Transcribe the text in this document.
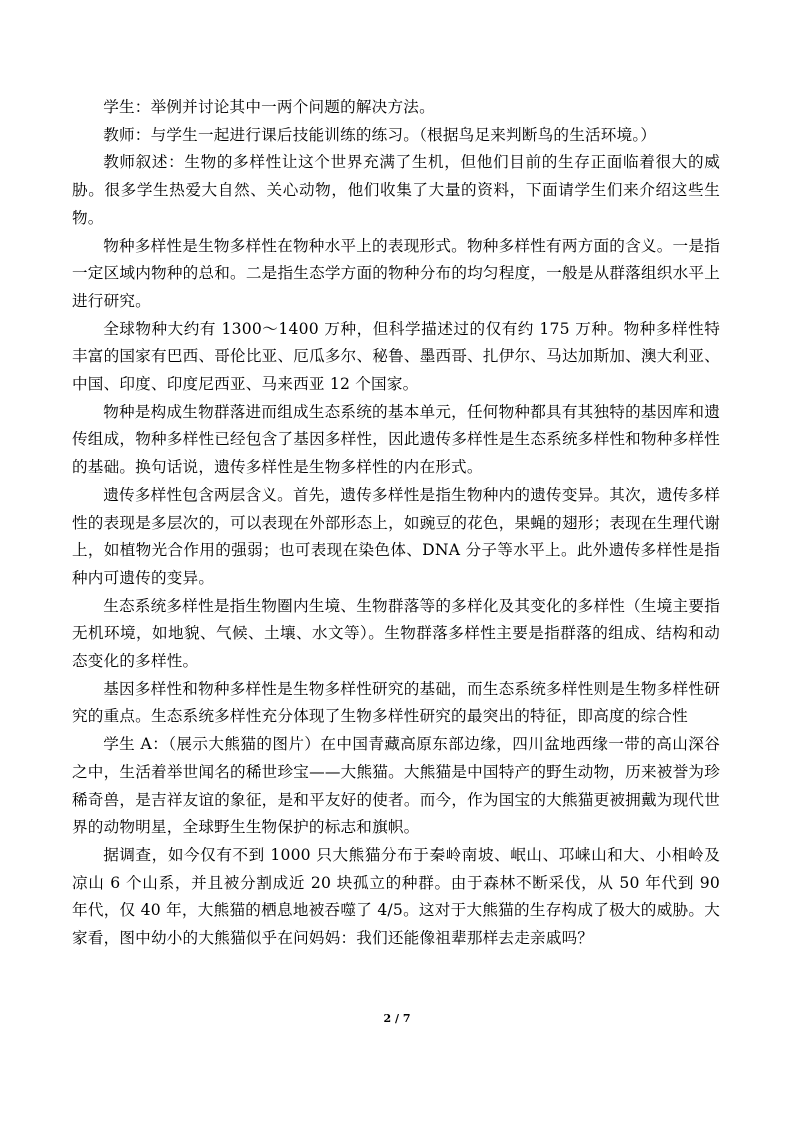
学生：举例并讨论其中一两个问题的解决方法。

教师：与学生一起进行课后技能训练的练习。（根据鸟足来判断鸟的生活环境。）

教师叙述：生物的多样性让这个世界充满了生机，但他们目前的生存正面临着很大的威胁。很多学生热爱大自然、关心动物，他们收集了大量的资料，下面请学生们来介绍这些生物。

物种多样性是生物多样性在物种水平上的表现形式。物种多样性有两方面的含义。一是指一定区域内物种的总和。二是指生态学方面的物种分布的均匀程度，一般是从群落组织水平上进行研究。

全球物种大约有 1300～1400 万种，但科学描述过的仅有约 175 万种。物种多样性特丰富的国家有巴西、哥伦比亚、厄瓜多尔、秘鲁、墨西哥、扎伊尔、马达加斯加、澳大利亚、中国、印度、印度尼西亚、马来西亚 12 个国家。

物种是构成生物群落进而组成生态系统的基本单元，任何物种都具有其独特的基因库和遗传组成，物种多样性已经包含了基因多样性，因此遗传多样性是生态系统多样性和物种多样性的基础。换句话说，遗传多样性是生物多样性的内在形式。

遗传多样性包含两层含义。首先，遗传多样性是指生物种内的遗传变异。其次，遗传多样性的表现是多层次的，可以表现在外部形态上，如豌豆的花色，果蝇的翅形；表现在生理代谢上，如植物光合作用的强弱；也可表现在染色体、DNA 分子等水平上。此外遗传多样性是指种内可遗传的变异。

生态系统多样性是指生物圈内生境、生物群落等的多样化及其变化的多样性（生境主要指无机环境，如地貌、气候、土壤、水文等）。生物群落多样性主要是指群落的组成、结构和动态变化的多样性。

基因多样性和物种多样性是生物多样性研究的基础，而生态系统多样性则是生物多样性研究的重点。生态系统多样性充分体现了生物多样性研究的最突出的特征，即高度的综合性

学生 A：（展示大熊猫的图片）在中国青藏高原东部边缘，四川盆地西缘一带的高山深谷之中，生活着举世闻名的稀世珍宝——大熊猫。大熊猫是中国特产的野生动物，历来被誉为珍稀奇兽，是吉祥友谊的象征，是和平友好的使者。而今，作为国宝的大熊猫更被拥戴为现代世界的动物明星，全球野生生物保护的标志和旗帜。

据调查，如今仅有不到 1000 只大熊猫分布于秦岭南坡、岷山、邛崃山和大、小相岭及凉山 6 个山系，并且被分割成近 20 块孤立的种群。由于森林不断采伐，从 50 年代到 90 年代，仅 40 年，大熊猫的栖息地被吞噬了 4/5。这对于大熊猫的生存构成了极大的威胁。大家看，图中幼小的大熊猫似乎在问妈妈：我们还能像祖辈那样去走亲戚吗？

2 / 7
